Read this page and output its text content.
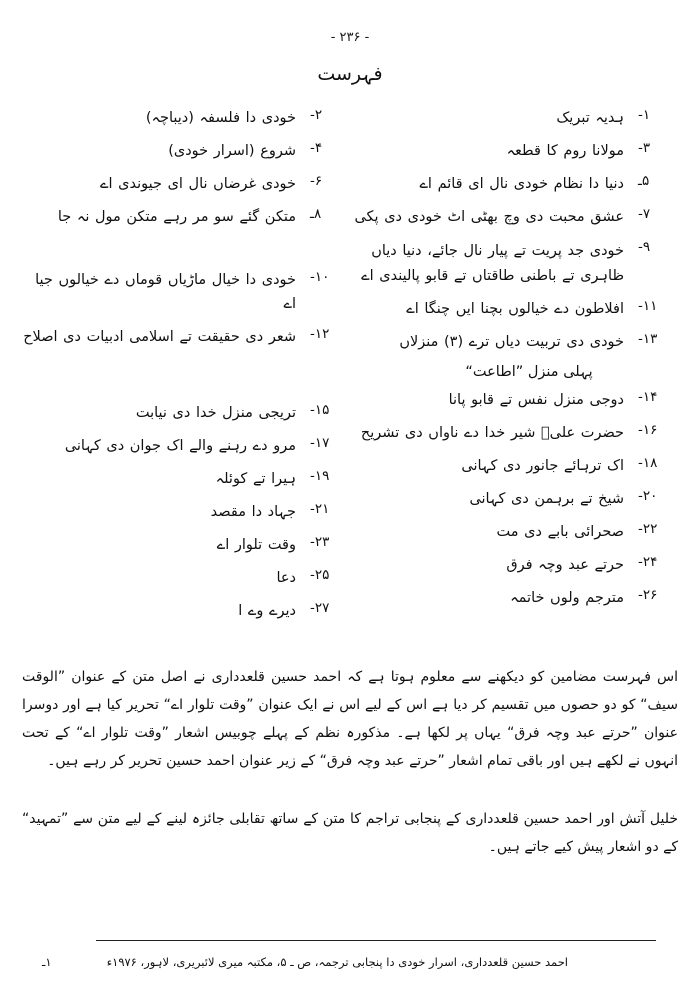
- ۲۳۶ -
فہرست
۱-
ہدیہ تبریک
۳-
مولانا روم کا قطعہ
۵ـ
دنیا دا نظام خودی نال ای قائم اے
۷-
عشق محبت دی وچ بھٹی اٹ خودی دی پکی
۹-
خودی جد پریت تے پیار نال جائے، دنیا دیاں ظاہری تے باطنی طاقتاں تے قابو پالیندی اے
۱۱-
افلاطون دے خیالوں بچنا ایں چنگا اے
۱۳-
خودی دی تربیت دیاں ترے (۳) منزلاں
پہلی منزل ”اطاعت“
۱۴-
دوجی منزل نفس تے قابو پانا
۱۶-
حضرت علیؓ شیر خدا دے ناواں دی تشریح
۱۸-
اک ترہائے جانور دی کہانی
۲۰-
شیخ تے برہمن دی کہانی
۲۲-
صحرائی بابے دی مت
۲۴-
حرتے عبد وچہ فرق
۲۶-
مترجم ولوں خاتمہ

۲-
خودی دا فلسفہ (دیباچہ)
۴-
شروع (اسرار خودی)
۶-
خودی غرضاں نال ای جیوندی اے
۸ـ
متکن گئے سو مر رہے متکن مول نہ جا
۱۰-
خودی دا خیال ماڑیاں قوماں دے خیالوں جیا اے
۱۲-
شعر دی حقیقت تے اسلامی ادبیات دی اصلاح
۱۵-
تریجی منزل خدا دی نیابت
۱۷-
مرو دے رہنے والے اک جوان دی کہانی
۱۹-
ہیرا تے کوئلہ
۲۱-
جہاد دا مقصد
۲۳-
وقت تلوار اے
۲۵-
دعا
۲۷-
دیرے وے ا

اس فہرست مضامین کو دیکھنے سے معلوم ہوتا ہے کہ احمد حسین قلعدداری نے اصل متن کے عنوان ”الوقت سیف“ کو دو حصوں میں تقسیم کر دیا ہے اس کے لیے اس نے ایک عنوان ”وقت تلوار اے“ تحریر کیا ہے اور دوسرا عنوان ”حرتے عبد وچہ فرق“ یہاں پر لکھا ہے۔ مذکورہ نظم کے پہلے چوبیس اشعار ”وقت تلوار اے“ کے تحت انہوں نے لکھے ہیں اور باقی تمام اشعار ”حرتے عبد وچہ فرق“ کے زیر عنوان احمد حسین تحریر کر رہے ہیں۔

خلیل آتش اور احمد حسین قلعدداری کے پنجابی تراجم کا متن کے ساتھ تقابلی جائزہ لینے کے لیے متن سے ”تمہید“ کے دو اشعار پیش کیے جاتے ہیں۔

احمد حسین قلعدداری، اسرار خودی دا پنجابی ترجمہ، ص ـ ۵، مکتبہ میری لائبریری، لاہور، ۱۹۷۶ء
۱ـ
